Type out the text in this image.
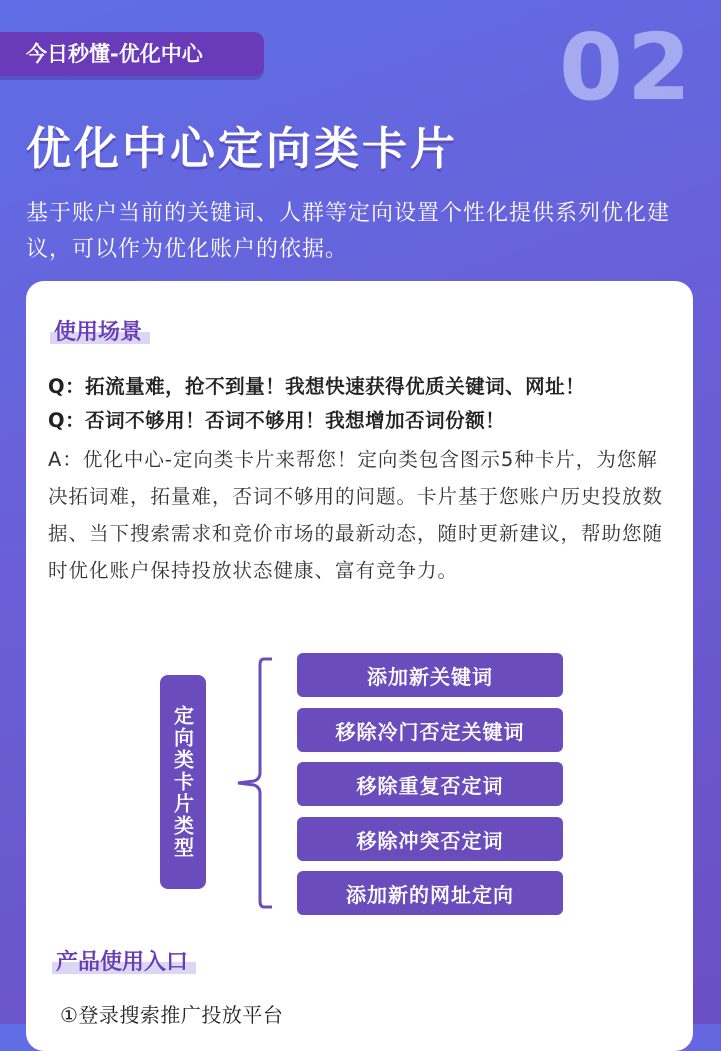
今日秒懂-优化中心	02
优化中心定向类卡片
基于账户当前的关键词、人群等定向设置个性化提供系列优化建议，可以作为优化账户的依据。
使用场景
Q：拓流量难，抢不到量！我想快速获得优质关键词、网址！
Q：否词不够用！否词不够用！我想增加否词份额！
A：优化中心-定向类卡片来帮您！定向类包含图示5种卡片，为您解决拓词难，拓量难，否词不够用的问题。卡片基于您账户历史投放数据、当下搜索需求和竞价市场的最新动态，随时更新建议，帮助您随时优化账户保持投放状态健康、富有竞争力。
定向类卡片类型
添加新关键词
移除冷门否定关键词
移除重复否定词
移除冲突否定词
添加新的网址定向
产品使用入口
①登录搜索推广投放平台
